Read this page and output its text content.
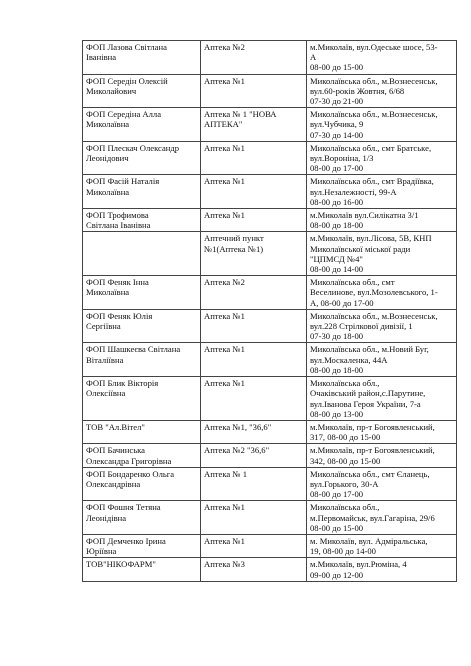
ФОП Лазова Світлана
Іванівна	Аптека №2	м.Миколаїв, вул.Одеське шосе, 53-
А
08-00 до 15-00

ФОП Середін Олексій
Миколайович	Аптека №1	Миколаївська обл., м.Вознесенськ,
вул.60-років Жовтня, 6/68
07-30 до 21-00

ФОП Середіна Алла
Миколаївна	Аптека № 1 "НОВА
АПТЕКА"	Миколаївська обл., м.Вознесенськ,
вул.Чубчика, 9
07-30 до 14-00

ФОП Плескач Олександр
Леонідович	Аптека №1	Миколаївська обл., смт Братське,
вул.Вороніна, 1/3
08-00 до 17-00

ФОП Фасій Наталія
Миколаївна	Аптека №1	Миколаївська обл., смт Врадіївка,
вул.Незалежності, 99-А
08-00 до 16-00

ФОП Трофимова
Світлана Іванівна	Аптека №1	м.Миколаїв вул.Силікатна 3/1
08-00 до 18-00

	Аптечний пункт
№1(Аптека №1)	м.Миколаїв, вул.Лісова, 5В, КНП
Миколаївської міської ради
"ЦПМСД №4"
08-00 до 14-00

ФОП Феняк Інна
Миколаївна	Аптека №2	Миколаївська обл., смт
Веселинове, вул.Мозолевського, 1-
А, 08-00 до 17-00

ФОП Феняк Юлія
Сергіївна	Аптека №1	Миколаївська обл., м.Вознесенськ,
вул.228 Стрілкової дивізії, 1
07-30 до 18-00

ФОП Шашкеєва Світлана
Віталіївна	Аптека №1	Миколаївська обл., м.Новий Буг,
вул.Москаленка, 44А
08-00 до 18-00

ФОП Блик Вікторія
Олексіївна	Аптека №1	Миколаївська обл.,
Очаківський район,с.Парутине,
вул.Іванова Героя України, 7-а
08-00 до 13-00

ТОВ "Ал.Вітел"	Аптека №1, "36,6"	м.Миколаїв, пр-т Богоявленський,
317, 08-00 до 15-00

ФОП Бачинська
Олександра Григорівна	Аптека №2 "36,6"	м.Миколаїв, пр-т Богоявленський,
342, 08-00 до 15-00

ФОП Бондаренко Ольга
Олександрівна	Аптека № 1	Миколаївська обл., смт Єланець,
вул.Горького, 30-А
08-00 до 17-00

ФОП Фошня Тетяна
Леонідівна	Аптека №1	Миколаївська обл.,
м.Первомайськ, вул.Гагаріна, 29/6
08-00 до 15-00

ФОП Демченко Ірина
Юріївна	Аптека №1	м. Миколаїв, вул. Адміральська,
19, 08-00 до 14-00

ТОВ"НІКОФАРМ"	Аптека №3	м.Миколаїв, вул.Рюміна, 4
09-00 до 12-00
